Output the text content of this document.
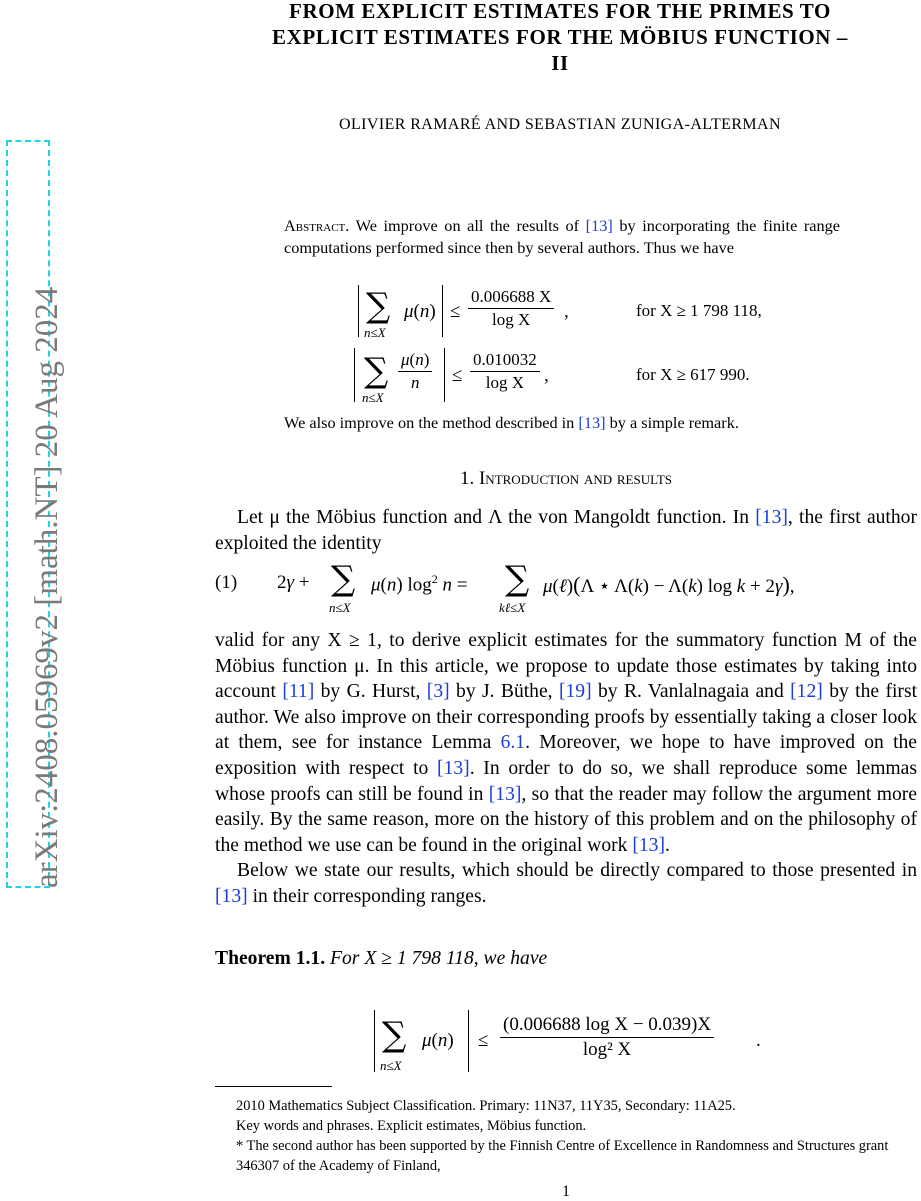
arXiv:2408.05969v2 [math.NT] 20 Aug 2024
FROM EXPLICIT ESTIMATES FOR THE PRIMES TO
EXPLICIT ESTIMATES FOR THE MÖBIUS FUNCTION –
II
OLIVIER RAMARÉ AND SEBASTIAN ZUNIGA-ALTERMAN
Abstract. We improve on all the results of [13] by incorporating the finite range computations performed since then by several authors. Thus we have
∑
n≤X
$\mu(n) \le \frac{0.006688 X}{\text{log X}}$ ,	for X ≥ 1 798 118,
∑
n≤X
$\frac{\mu(n)}{n} \le \frac{0.010032}{\text{log X}}$ ,	for X ≥ 617 990.
We also improve on the method described in [13] by a simple remark.
1. Introduction and results

Let μ the Möbius function and Λ the von Mangoldt function. In [13], the first author exploited the identity

(1) 2γ + ∑
n≤X
μ(n) $\log^2 n$ = ∑
kℓ≤X
μ(ℓ)(Λ ⋆ Λ(k) − Λ(k) log k + 2γ),

valid for any X ≥ 1, to derive explicit estimates for the summatory function M of the Möbius function μ. In this article, we propose to update those estimates by taking into account [11] by G. Hurst, [3] by J. Büthe, [19] by R. Vanlalnagaia and [12] by the first author. We also improve on their corresponding proofs by essentially taking a closer look at them, see for instance Lemma 6.1. Moreover, we hope to have improved on the exposition with respect to [13]. In order to do so, we shall reproduce some lemmas whose proofs can still be found in [13], so that the reader may follow the argument more easily. By the same reason, more on the history of this problem and on the philosophy of the method we use can be found in the original work [13].

Below we state our results, which should be directly compared to those presented in [13] in their corresponding ranges.

Theorem 1.1. For X ≥ 1 798 118, we have
∑
n≤X
$\mu(n) \le \frac{\text{(0.006688 log X − 0.039)X}}{\text{log² X}}$ .
2010 Mathematics Subject Classification. Primary: 11N37, 11Y35, Secondary: 11A25.
Key words and phrases. Explicit estimates, Möbius function.
* The second author has been supported by the Finnish Centre of Excellence in Randomness and Structures grant 346307 of the Academy of Finland,
1
